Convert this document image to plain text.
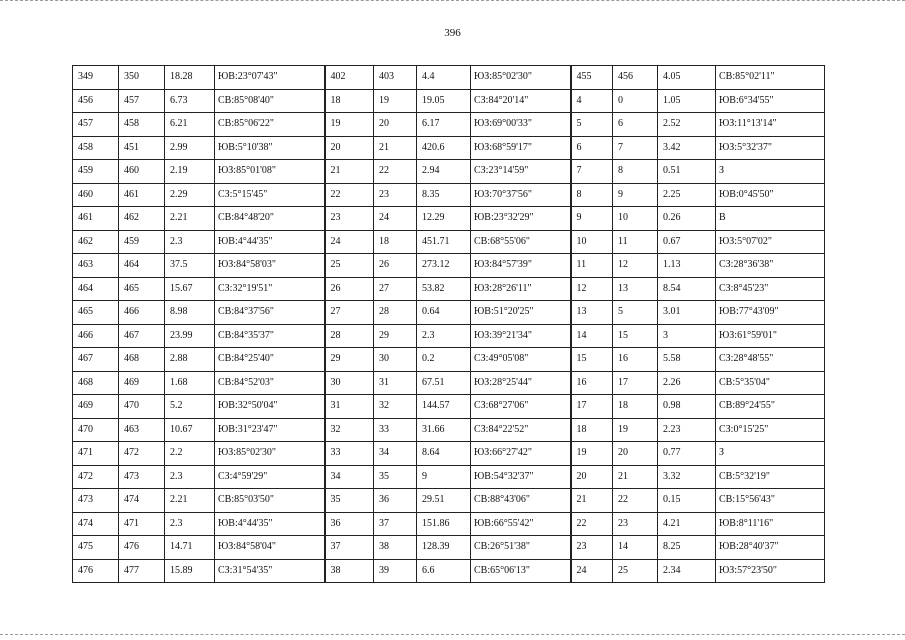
396
349	350	18.28	ЮВ:23°07'43"	402	403	4.4	ЮЗ:85°02'30"	455	456	4.05	СВ:85°02'11"
456	457	6.73	СВ:85°08'40"	18	19	19.05	СЗ:84°20'14"	4	0	1.05	ЮВ:6°34'55"
457	458	6.21	СВ:85°06'22"	19	20	6.17	ЮЗ:69°00'33"	5	6	2.52	ЮЗ:11°13'14"
458	451	2.99	ЮВ:5°10'38"	20	21	420.6	ЮЗ:68°59'17"	6	7	3.42	ЮЗ:5°32'37"
459	460	2.19	ЮЗ:85°01'08"	21	22	2.94	СЗ:23°14'59"	7	8	0.51	З
460	461	2.29	СЗ:5°15'45"	22	23	8.35	ЮЗ:70°37'56"	8	9	2.25	ЮВ:0°45'50"
461	462	2.21	СВ:84°48'20"	23	24	12.29	ЮВ:23°32'29"	9	10	0.26	В
462	459	2.3	ЮВ:4°44'35"	24	18	451.71	СВ:68°55'06"	10	11	0.67	ЮЗ:5°07'02"
463	464	37.5	ЮЗ:84°58'03"	25	26	273.12	ЮЗ:84°57'39"	11	12	1.13	СЗ:28°36'38"
464	465	15.67	СЗ:32°19'51"	26	27	53.82	ЮЗ:28°26'11"	12	13	8.54	СЗ:8°45'23"
465	466	8.98	СВ:84°37'56"	27	28	0.64	ЮВ:51°20'25"	13	5	3.01	ЮВ:77°43'09"
466	467	23.99	СВ:84°35'37"	28	29	2.3	ЮЗ:39°21'34"	14	15	3	ЮЗ:61°59'01"
467	468	2.88	СВ:84°25'40"	29	30	0.2	СЗ:49°05'08"	15	16	5.58	СЗ:28°48'55"
468	469	1.68	СВ:84°52'03"	30	31	67.51	ЮЗ:28°25'44"	16	17	2.26	СВ:5°35'04"
469	470	5.2	ЮВ:32°50'04"	31	32	144.57	СЗ:68°27'06"	17	18	0.98	СВ:89°24'55"
470	463	10.67	ЮВ:31°23'47"	32	33	31.66	СЗ:84°22'52"	18	19	2.23	СЗ:0°15'25"
471	472	2.2	ЮЗ:85°02'30"	33	34	8.64	ЮЗ:66°27'42"	19	20	0.77	З
472	473	2.3	СЗ:4°59'29"	34	35	9	ЮВ:54°32'37"	20	21	3.32	СВ:5°32'19"
473	474	2.21	СВ:85°03'50"	35	36	29.51	СВ:88°43'06"	21	22	0.15	СВ:15°56'43"
474	471	2.3	ЮВ:4°44'35"	36	37	151.86	ЮВ:66°55'42"	22	23	4.21	ЮВ:8°11'16"
475	476	14.71	ЮЗ:84°58'04"	37	38	128.39	СВ:26°51'38"	23	14	8.25	ЮВ:28°40'37"
476	477	15.89	СЗ:31°54'35"	38	39	6.6	СВ:65°06'13"	24	25	2.34	ЮЗ:57°23'50"
